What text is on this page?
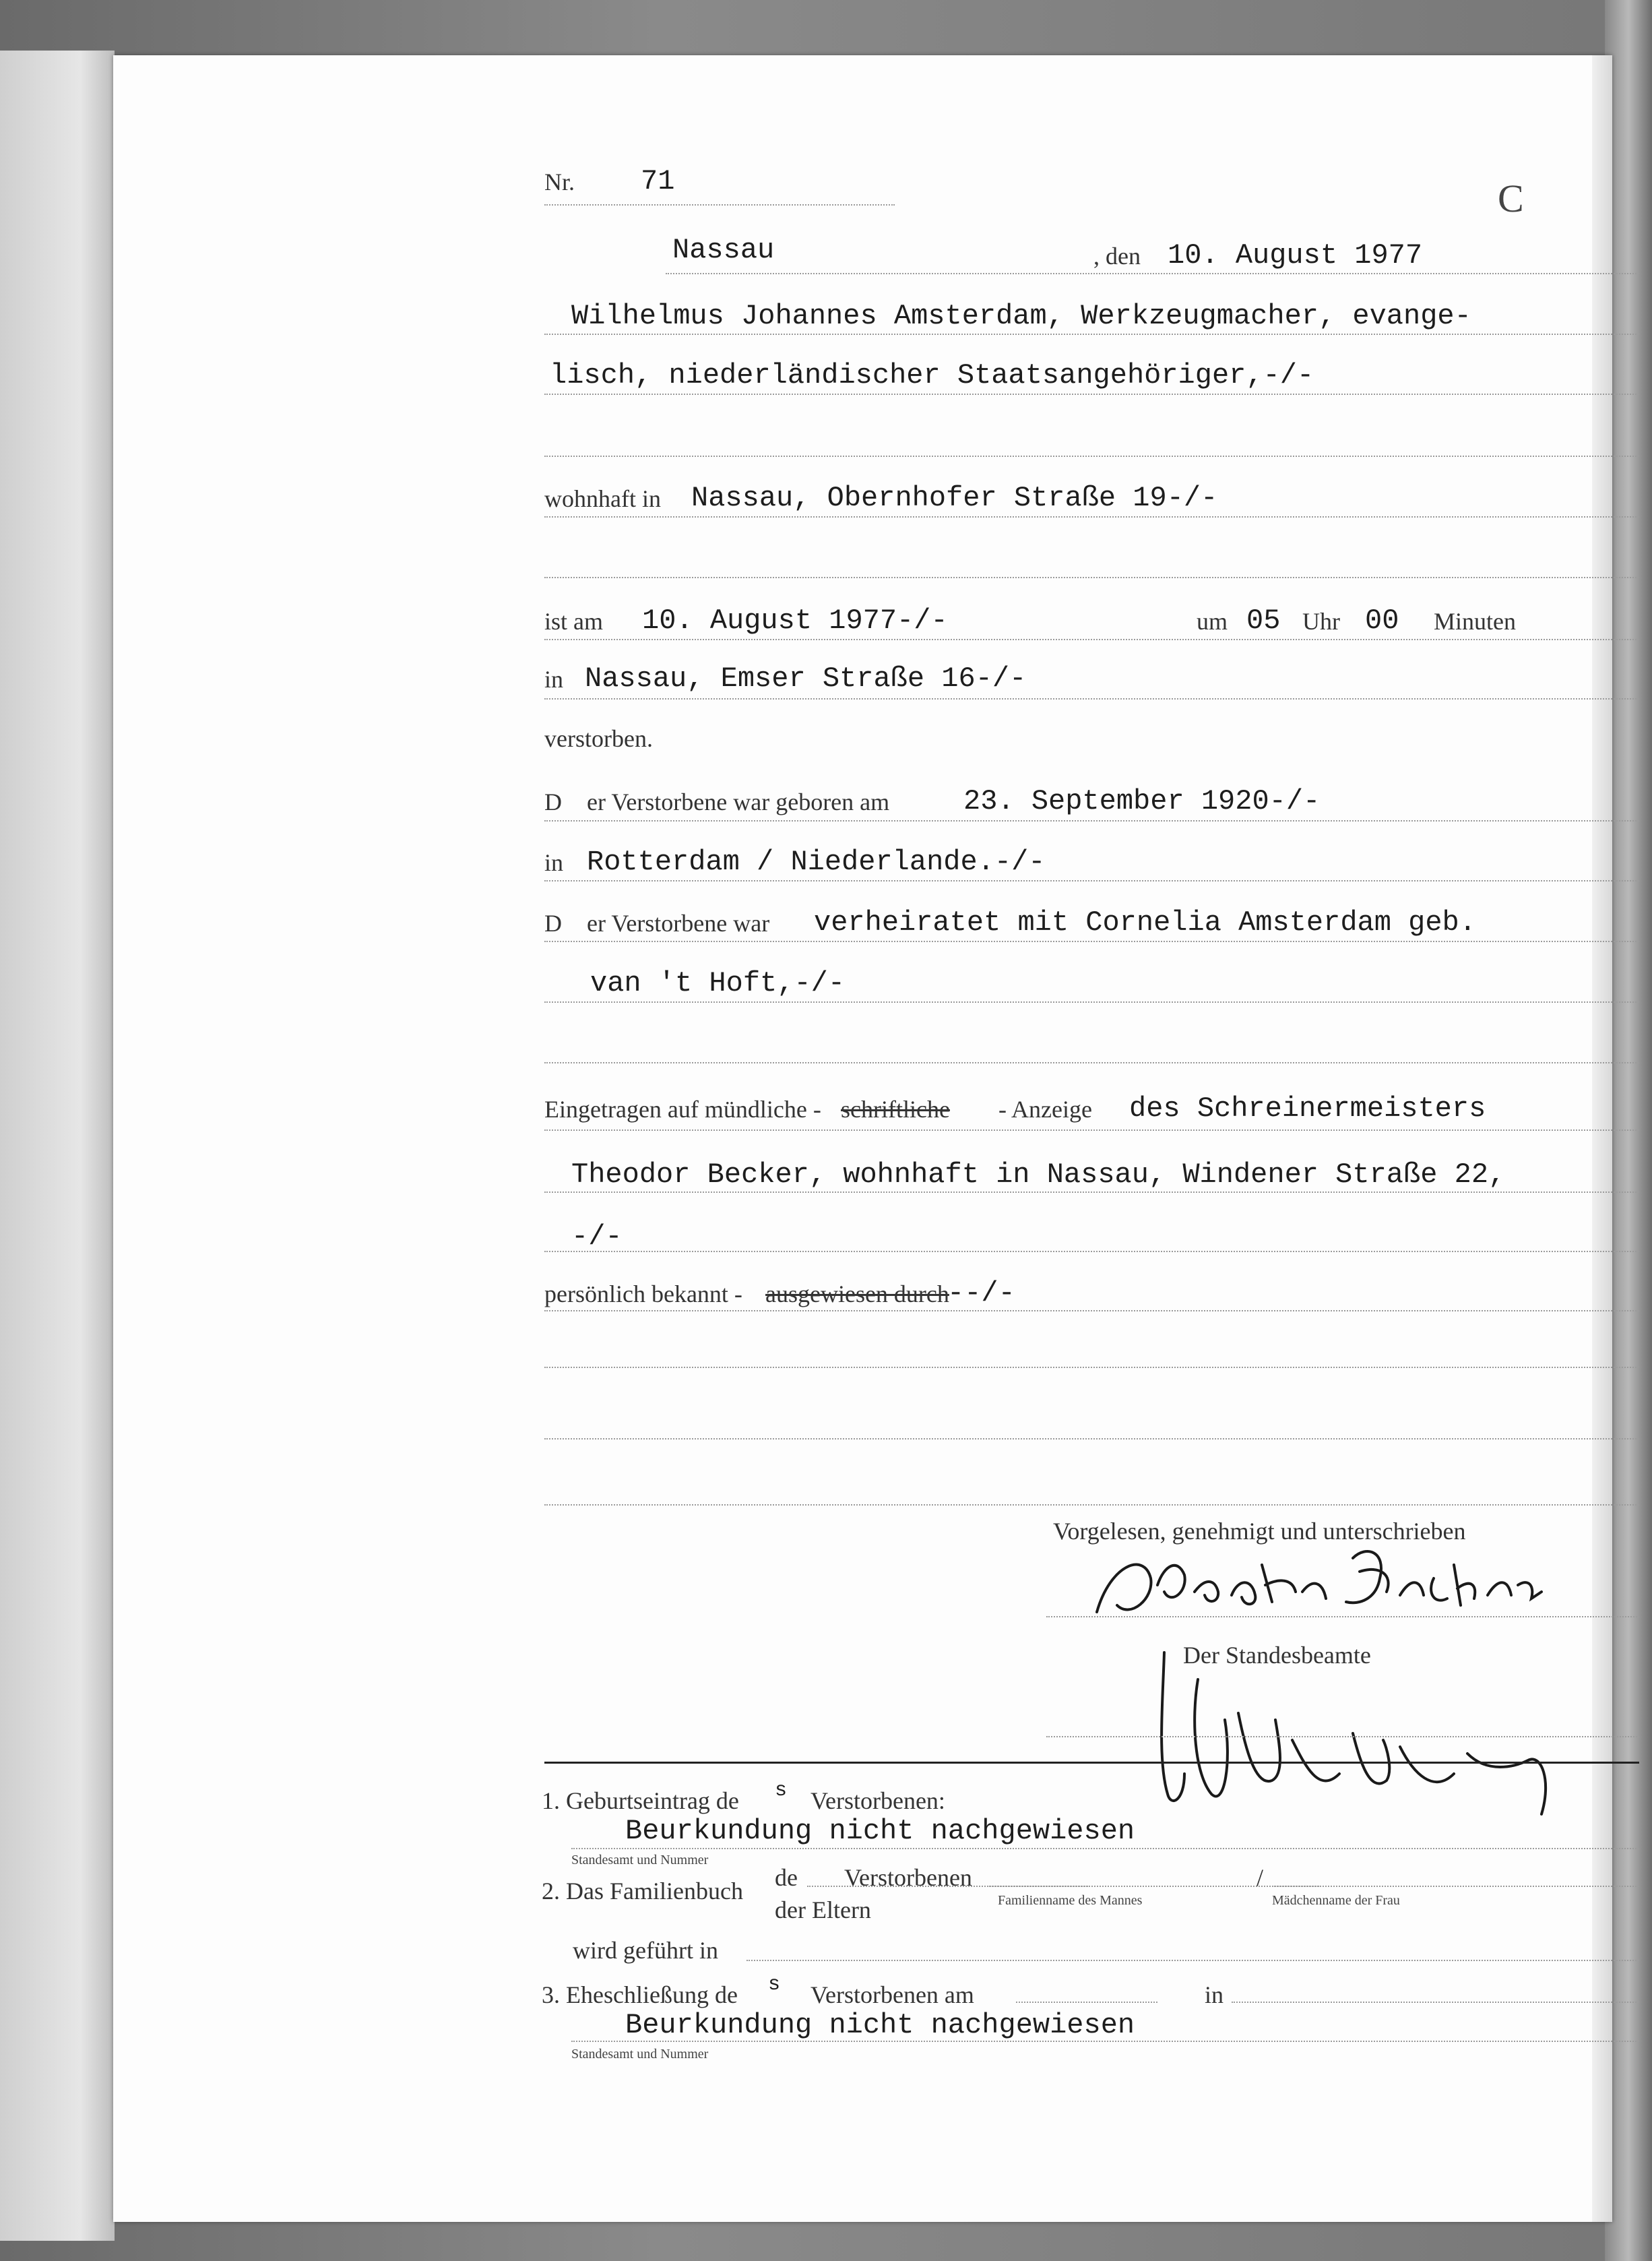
Nr. 71	C
Nassau	, den 10. August 1977
Wilhelmus Johannes Amsterdam, Werkzeugmacher, evange-
lisch, niederländischer Staatsangehöriger,-/-
wohnhaft in Nassau, Obernhofer Straße 19-/-
ist am 10. August 1977-/-	um 05 Uhr 00 Minuten
in Nassau, Emser Straße 16-/-
verstorben.
D er Verstorbene war geboren am	23. September 1920-/-
in Rotterdam / Niederlande.-/-
D er Verstorbene war verheiratet mit Cornelia Amsterdam geb.
van 't Hoft,-/-
Eingetragen auf mündliche - schriftliche - Anzeige des Schreinermeisters
Theodor Becker, wohnhaft in Nassau, Windener Straße 22,
-/-
persönlich bekannt - ausgewiesen durch
--/-
Vorgelesen, genehmigt und unterschrieben
Der Standesbeamte
1. Geburtseintrag de s Verstorbenen:
Beurkundung nicht nachgewiesen
Standesamt und Nummer
2. Das Familienbuch de Verstorbenen	/
Familienname des Mannes	Mädchenname der Frau
der Eltern
wird geführt in
3. Eheschließung de s Verstorbenen am	in
Beurkundung nicht nachgewiesen
Standesamt und Nummer
